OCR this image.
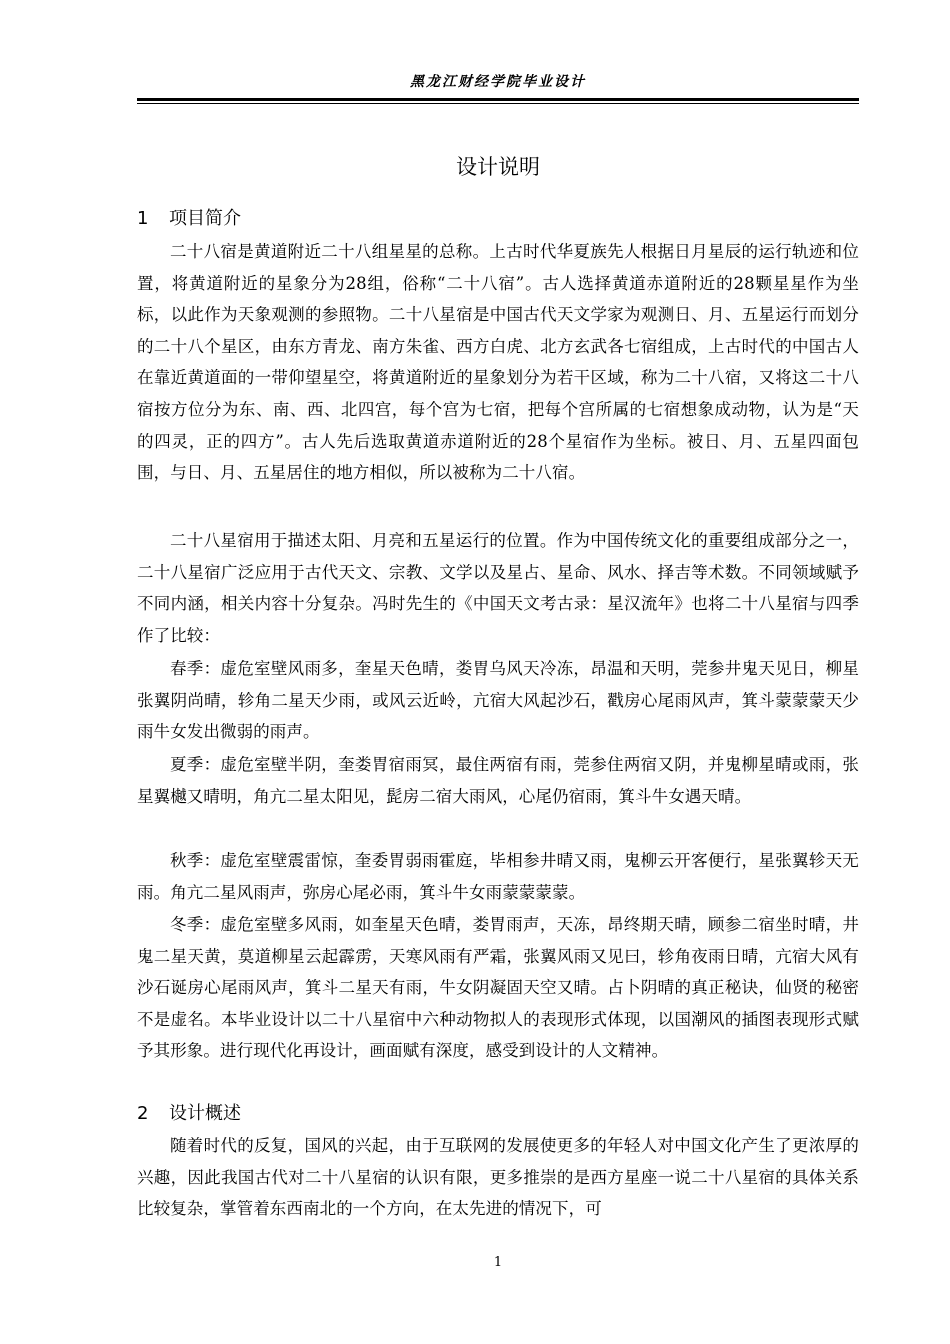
黑龙江财经学院毕业设计
设计说明
1 项目简介

二十八宿是黄道附近二十八组星星的总称。上古时代华夏族先人根据日月星辰的运行轨迹和位置，将黄道附近的星象分为28组，俗称“二十八宿”。古人选择黄道赤道附近的28颗星星作为坐标，以此作为天象观测的参照物。二十八星宿是中国古代天文学家为观测日、月、五星运行而划分的二十八个星区，由东方青龙、南方朱雀、西方白虎、北方玄武各七宿组成，上古时代的中国古人在靠近黄道面的一带仰望星空，将黄道附近的星象划分为若干区域，称为二十八宿，又将这二十八宿按方位分为东、南、西、北四宫，每个宫为七宿，把每个宫所属的七宿想象成动物，认为是“天的四灵，正的四方”。古人先后选取黄道赤道附近的28个星宿作为坐标。被日、月、五星四面包围，与日、月、五星居住的地方相似，所以被称为二十八宿。

二十八星宿用于描述太阳、月亮和五星运行的位置。作为中国传统文化的重要组成部分之一，二十八星宿广泛应用于古代天文、宗教、文学以及星占、星命、风水、择吉等术数。不同领域赋予不同内涵，相关内容十分复杂。冯时先生的《中国天文考古录：星汉流年》也将二十八星宿与四季作了比较：

春季：虚危室壁风雨多，奎星天色晴，娄胃乌风天冷冻，昂温和天明，莞参井鬼天见日，柳星张翼阴尚晴，轸角二星天少雨，或风云近岭，亢宿大风起沙石，戳房心尾雨风声，箕斗蒙蒙蒙天少雨牛女发出微弱的雨声。

夏季：虚危室壁半阴，奎娄胃宿雨冥，最住两宿有雨，莞参住两宿又阴，并鬼柳星晴或雨，张星翼樾又晴明，角亢二星太阳见，髭房二宿大雨风，心尾仍宿雨，箕斗牛女遇天晴。

秋季：虚危室壁震雷惊，奎委胃弱雨霍庭，毕相参井晴又雨，鬼柳云开客便行，星张翼轸天无雨。角亢二星风雨声，弥房心尾必雨，箕斗牛女雨蒙蒙蒙蒙。

冬季：虚危室壁多风雨，如奎星天色晴，娄胃雨声，天冻，昂终期天晴，顾参二宿坐时晴，井鬼二星天黄，莫道柳星云起霹雳，天寒风雨有严霜，张翼风雨又见曰，轸角夜雨日晴，亢宿大风有沙石诞房心尾雨风声，箕斗二星天有雨，牛女阴凝固天空又晴。占卜阴晴的真正秘诀，仙贤的秘密不是虚名。本毕业设计以二十八星宿中六种动物拟人的表现形式体现，以国潮风的插图表现形式赋予其形象。进行现代化再设计，画面赋有深度，感受到设计的人文精神。

2 设计概述

随着时代的反复，国风的兴起，由于互联网的发展使更多的年轻人对中国文化产生了更浓厚的兴趣，因此我国古代对二十八星宿的认识有限，更多推崇的是西方星座一说二十八星宿的具体关系比较复杂，掌管着东西南北的一个方向，在太先进的情况下，可

1
